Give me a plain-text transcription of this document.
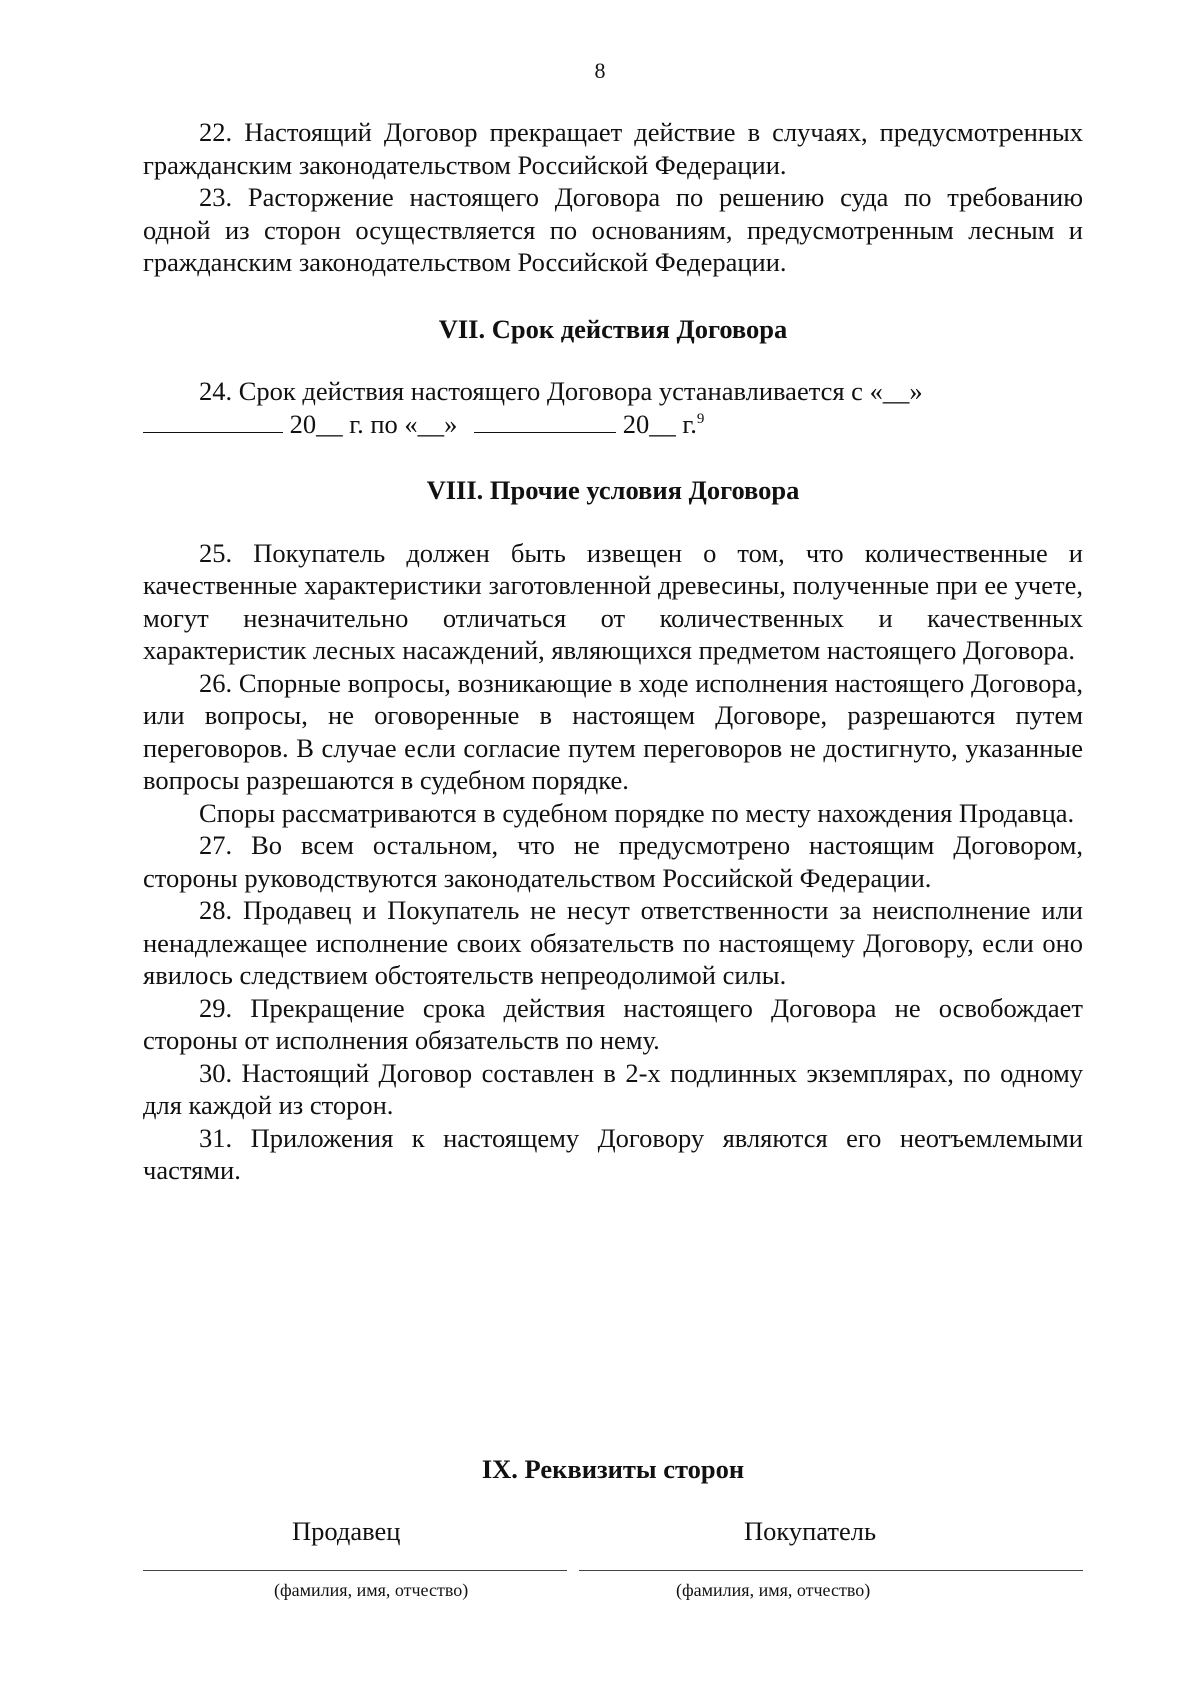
8

22. Настоящий Договор прекращает действие в случаях, предусмотренных гражданским законодательством Российской Федерации.

23. Расторжение настоящего Договора по решению суда по требованию одной из сторон осуществляется по основаниям, предусмотренным лесным и гражданским законодательством Российской Федерации.

VII. Срок действия Договора

24. Срок действия настоящего Договора устанавливается с «__»

20__ г. по «__»	20__ г.$^9$
VIII. Прочие условия Договора

25. Покупатель должен быть извещен о том, что количественные и качественные характеристики заготовленной древесины, полученные при ее учете, могут незначительно отличаться от количественных и качественных характеристик лесных насаждений, являющихся предметом настоящего Договора.

26. Спорные вопросы, возникающие в ходе исполнения настоящего Договора, или вопросы, не оговоренные в настоящем Договоре, разрешаются путем переговоров. В случае если согласие путем переговоров не достигнуто, указанные вопросы разрешаются в судебном порядке.

Споры рассматриваются в судебном порядке по месту нахождения Продавца.

27. Во всем остальном, что не предусмотрено настоящим Договором, стороны руководствуются законодательством Российской Федерации.

28. Продавец и Покупатель не несут ответственности за неисполнение или ненадлежащее исполнение своих обязательств по настоящему Договору, если оно явилось следствием обстоятельств непреодолимой силы.

29. Прекращение срока действия настоящего Договора не освобождает стороны от исполнения обязательств по нему.

30. Настоящий Договор составлен в 2-х подлинных экземплярах, по одному для каждой из сторон.

31. Приложения к настоящему Договору являются его неотъемлемыми частями.

IX. Реквизиты сторон
Продавец	Покупатель
(фамилия, имя, отчество)	(фамилия, имя, отчество)
